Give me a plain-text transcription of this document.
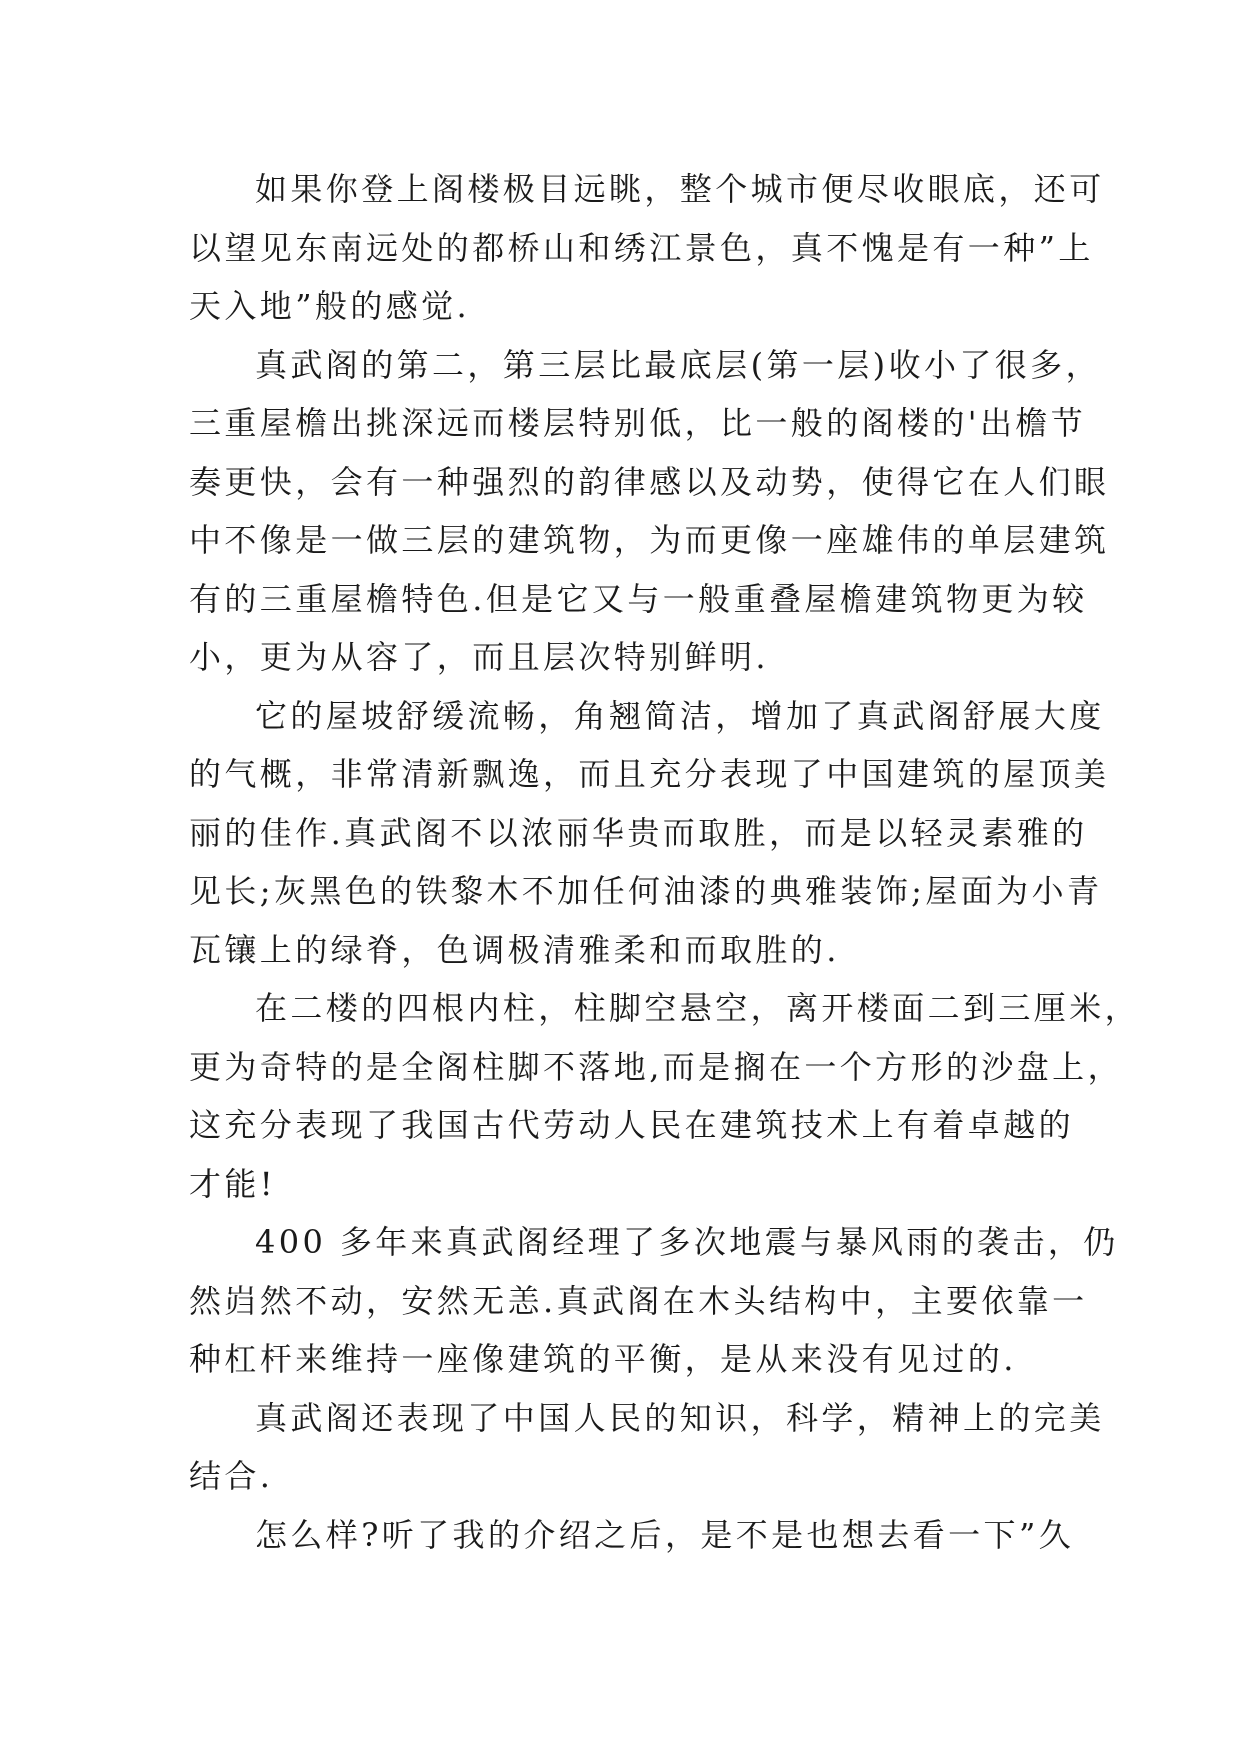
如果你登上阁楼极目远眺，整个城市便尽收眼底，还可
以望见东南远处的都桥山和绣江景色，真不愧是有一种”上
天入地”般的感觉.
真武阁的第二，第三层比最底层(第一层)收小了很多，
三重屋檐出挑深远而楼层特别低，比一般的阁楼的'出檐节
奏更快，会有一种强烈的韵律感以及动势，使得它在人们眼
中不像是一做三层的建筑物，为而更像一座雄伟的单层建筑
有的三重屋檐特色.但是它又与一般重叠屋檐建筑物更为较
小，更为从容了，而且层次特别鲜明.
它的屋坡舒缓流畅，角翘简洁，增加了真武阁舒展大度
的气概，非常清新飘逸，而且充分表现了中国建筑的屋顶美
丽的佳作.真武阁不以浓丽华贵而取胜，而是以轻灵素雅的
见长;灰黑色的铁黎木不加任何油漆的典雅装饰;屋面为小青
瓦镶上的绿脊，色调极清雅柔和而取胜的.
在二楼的四根内柱，柱脚空悬空，离开楼面二到三厘米，
更为奇特的是全阁柱脚不落地,而是搁在一个方形的沙盘上，
这充分表现了我国古代劳动人民在建筑技术上有着卓越的
才能!
400 多年来真武阁经理了多次地震与暴风雨的袭击，仍
然岿然不动，安然无恙.真武阁在木头结构中，主要依靠一
种杠杆来维持一座像建筑的平衡，是从来没有见过的.
真武阁还表现了中国人民的知识，科学，精神上的完美
结合.
怎么样?听了我的介绍之后，是不是也想去看一下”久
